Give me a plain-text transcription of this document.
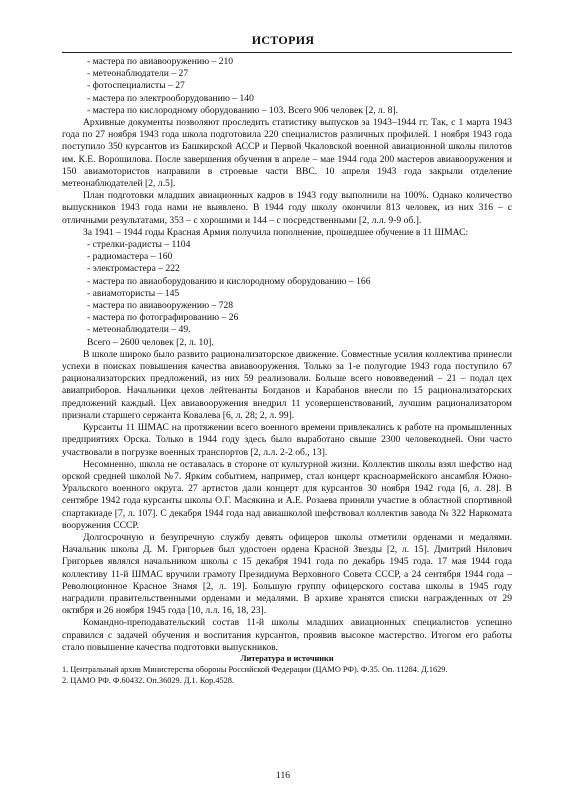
ИСТОРИЯ

- мастера по авиавооружению – 210

- метеонаблюдатели – 27

- фотоспециалисты – 27

- мастера по электрооборудованию – 140

- мастера по кислородному оборудованию – 103. Всего 906 человек [2, л. 8].

Архивные документы позволяют проследить статистику выпусков за 1943–1944 гг. Так, с 1 марта 1943 года по 27 ноября 1943 года школа подготовила 220 специалистов различных профилей. 1 ноября 1943 года поступило 350 курсантов из Башкирской АССР и Первой Чкаловской военной авиационной школы пилотов им. К.Е. Ворошилова. После завершения обучения в апреле – мае 1944 года 200 мастеров авиавооружения и 150 авиамотористов направили в строевые части ВВС. 10 апреля 1943 года закрыли отделение метеонаблюдателей [2, л.5].

План подготовки младших авиационных кадров в 1943 году выполнили на 100%. Однако количество выпускников 1943 года нами не выявлено. В 1944 году школу окончили 813 человек, из них 316 – с отличными результатами, 353 – с хорошими и 144 – с посредственными [2, л.л. 9-9 об.].

За 1941 – 1944 годы Красная Армия получила пополнение, прошедшее обучение в 11 ШМАС:

- стрелки-радисты – 1104

- радиомастера – 160

- электромастера – 222

- мастера по авиаоборудованию и кислородному оборудованию – 166

- авиамотористы – 145

- мастера по авиавооружению – 728

- мастера по фотографированию – 26

- метеонаблюдатели – 49.

Всего – 2600 человек [2, л. 10].

В школе широко было развито рационализаторское движение. Совместные усилия коллектива принесли успехи в поисках повышения качества авиавооружения. Только за 1-е полугодие 1943 года поступило 67 рационализаторских предложений, из них 59 реализовали. Больше всего нововведений – 21 – подал цех авиаприборов. Начальники цехов лейтенанты Богданов и Карабанов внесли по 15 рационализаторских предложений каждый. Цех авиавооружения внедрил 11 усовершенствований, лучшим рационализатором признали старшего сержанта Ковалева [6, л. 28; 2, л. 99].

Курсанты 11 ШМАС на протяжении всего военного времени привлекались к работе на промышленных предприятиях Орска. Только в 1944 году здесь было выработано свыше 2300 человекодней. Они часто участвовали в погрузке военных транспортов [2, л.л. 2-2 об., 13].

Несомненно, школа не оставалась в стороне от культурной жизни. Коллектив школы взял шефство над орской средней школой №7. Ярким событием, например, стал концерт красноармейского ансамбля Южно-Уральского военного округа. 27 артистов дали концерт для курсантов 30 ноября 1942 года [6, л. 28]. В сентябре 1942 года курсанты школы О.Г. Масякина и А.Е. Розаева приняли участие в областной спортивной спартакиаде [7, л. 107]. С декабря 1944 года над авиашколой шефствовал коллектив завода № 322 Наркомата вооружения СССР.

Долгосрочную и безупречную службу девять офицеров школы отметили орденами и медалями. Начальник школы Д. М. Григорьев был удостоен ордена Красной Звезды [2, л. 15]. Дмитрий Нилович Григорьев являлся начальником школы с 15 декабря 1941 года по декабрь 1945 года. 17 мая 1944 года коллективу 11-й ШМАС вручили грамоту Президиума Верховного Совета СССР, а 24 сентября 1944 года – Революционное Красное Знамя [2, л. 19]. Большую группу офицерского состава школы в 1945 году наградили правительственными орденами и медалями. В архиве хранятся списки награжденных от 29 октября и 26 ноября 1945 года [10, л.л. 16, 18, 23].

Командно-преподавательский состав 11-й школы младших авиационных специалистов успешно справился с задачей обучения и воспитания курсантов, проявив высокое мастерство. Итогом его работы стало повышение качества подготовки выпускников.

Литература и источники

1. Центральный архив Министерства обороны Российской Федерации (ЦАМО РФ). Ф.35. Оп. 11284. Д.1629.

2. ЦАМО РФ. Ф.60432. Оп.36029. Д.1. Кор.4528.

116
